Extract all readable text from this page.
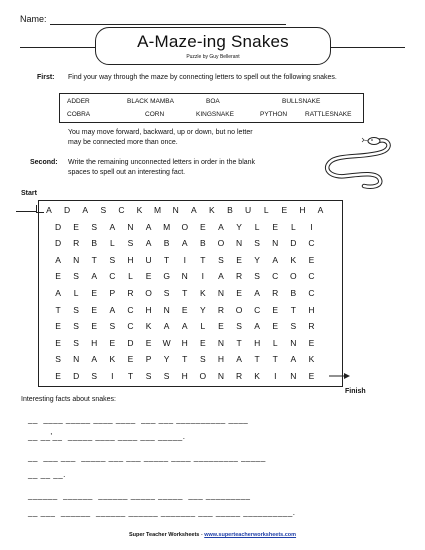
Name:
A-Maze-ing Snakes
Puzzle by Guy Bellerant
First: Find your way through the maze by connecting letters to spell out the following snakes.
ADDER	BLACK MAMBA	BOA	BULLSNAKE
COBRA	CORN	KINGSNAKE	PYTHON	RATTLESNAKE
You may move forward, backward, up or down, but no letter
may be connected more than once.
Second: Write the remaining unconnected letters in order in the blank
spaces to spell out an interesting fact.
Start
A	D	A	S	C	K	M	N	A	K	B	U	L	E	H	A
D	E	S	A	N	A	M	O	E	A	Y	L	E	L	I
D	R	B	L	S	A	B	A	B	O	N	S	N	D	C
A	N	T	S	H	U	T	I	T	S	E	Y	A	K	E
E	S	A	C	L	E	G	N	I	A	R	S	C	O	C
A	L	E	P	R	O	S	T	K	N	E	A	R	B	C
T	S	E	A	C	H	N	E	Y	R	O	C	E	T	H
E	S	E	S	C	K	A	A	L	E	S	A	E	S	R
E	S	H	E	D	E	W	H	E	N	T	H	L	N	E
S	N	A	K	E	P	Y	T	S	H	A	T	T	A	K
E	D	S	I	T	S	S	H	O	N	R	K	I	N	E
Finish
Interesting facts about snakes:
__  ____ _____ ____ ____  ___ ___ __________ ____
__ __'__  _____ ____ ____ ___ _____.
__  ___ ___  _____ ___ ___ _____ ____ _________ _____
__ __ __.
______  ______  ______ _____ _____  ___ _________
__ ___  ______  ______ ______ _______ ___ _____ __________.
Super Teacher Worksheets - www.superteacherworksheets.com
